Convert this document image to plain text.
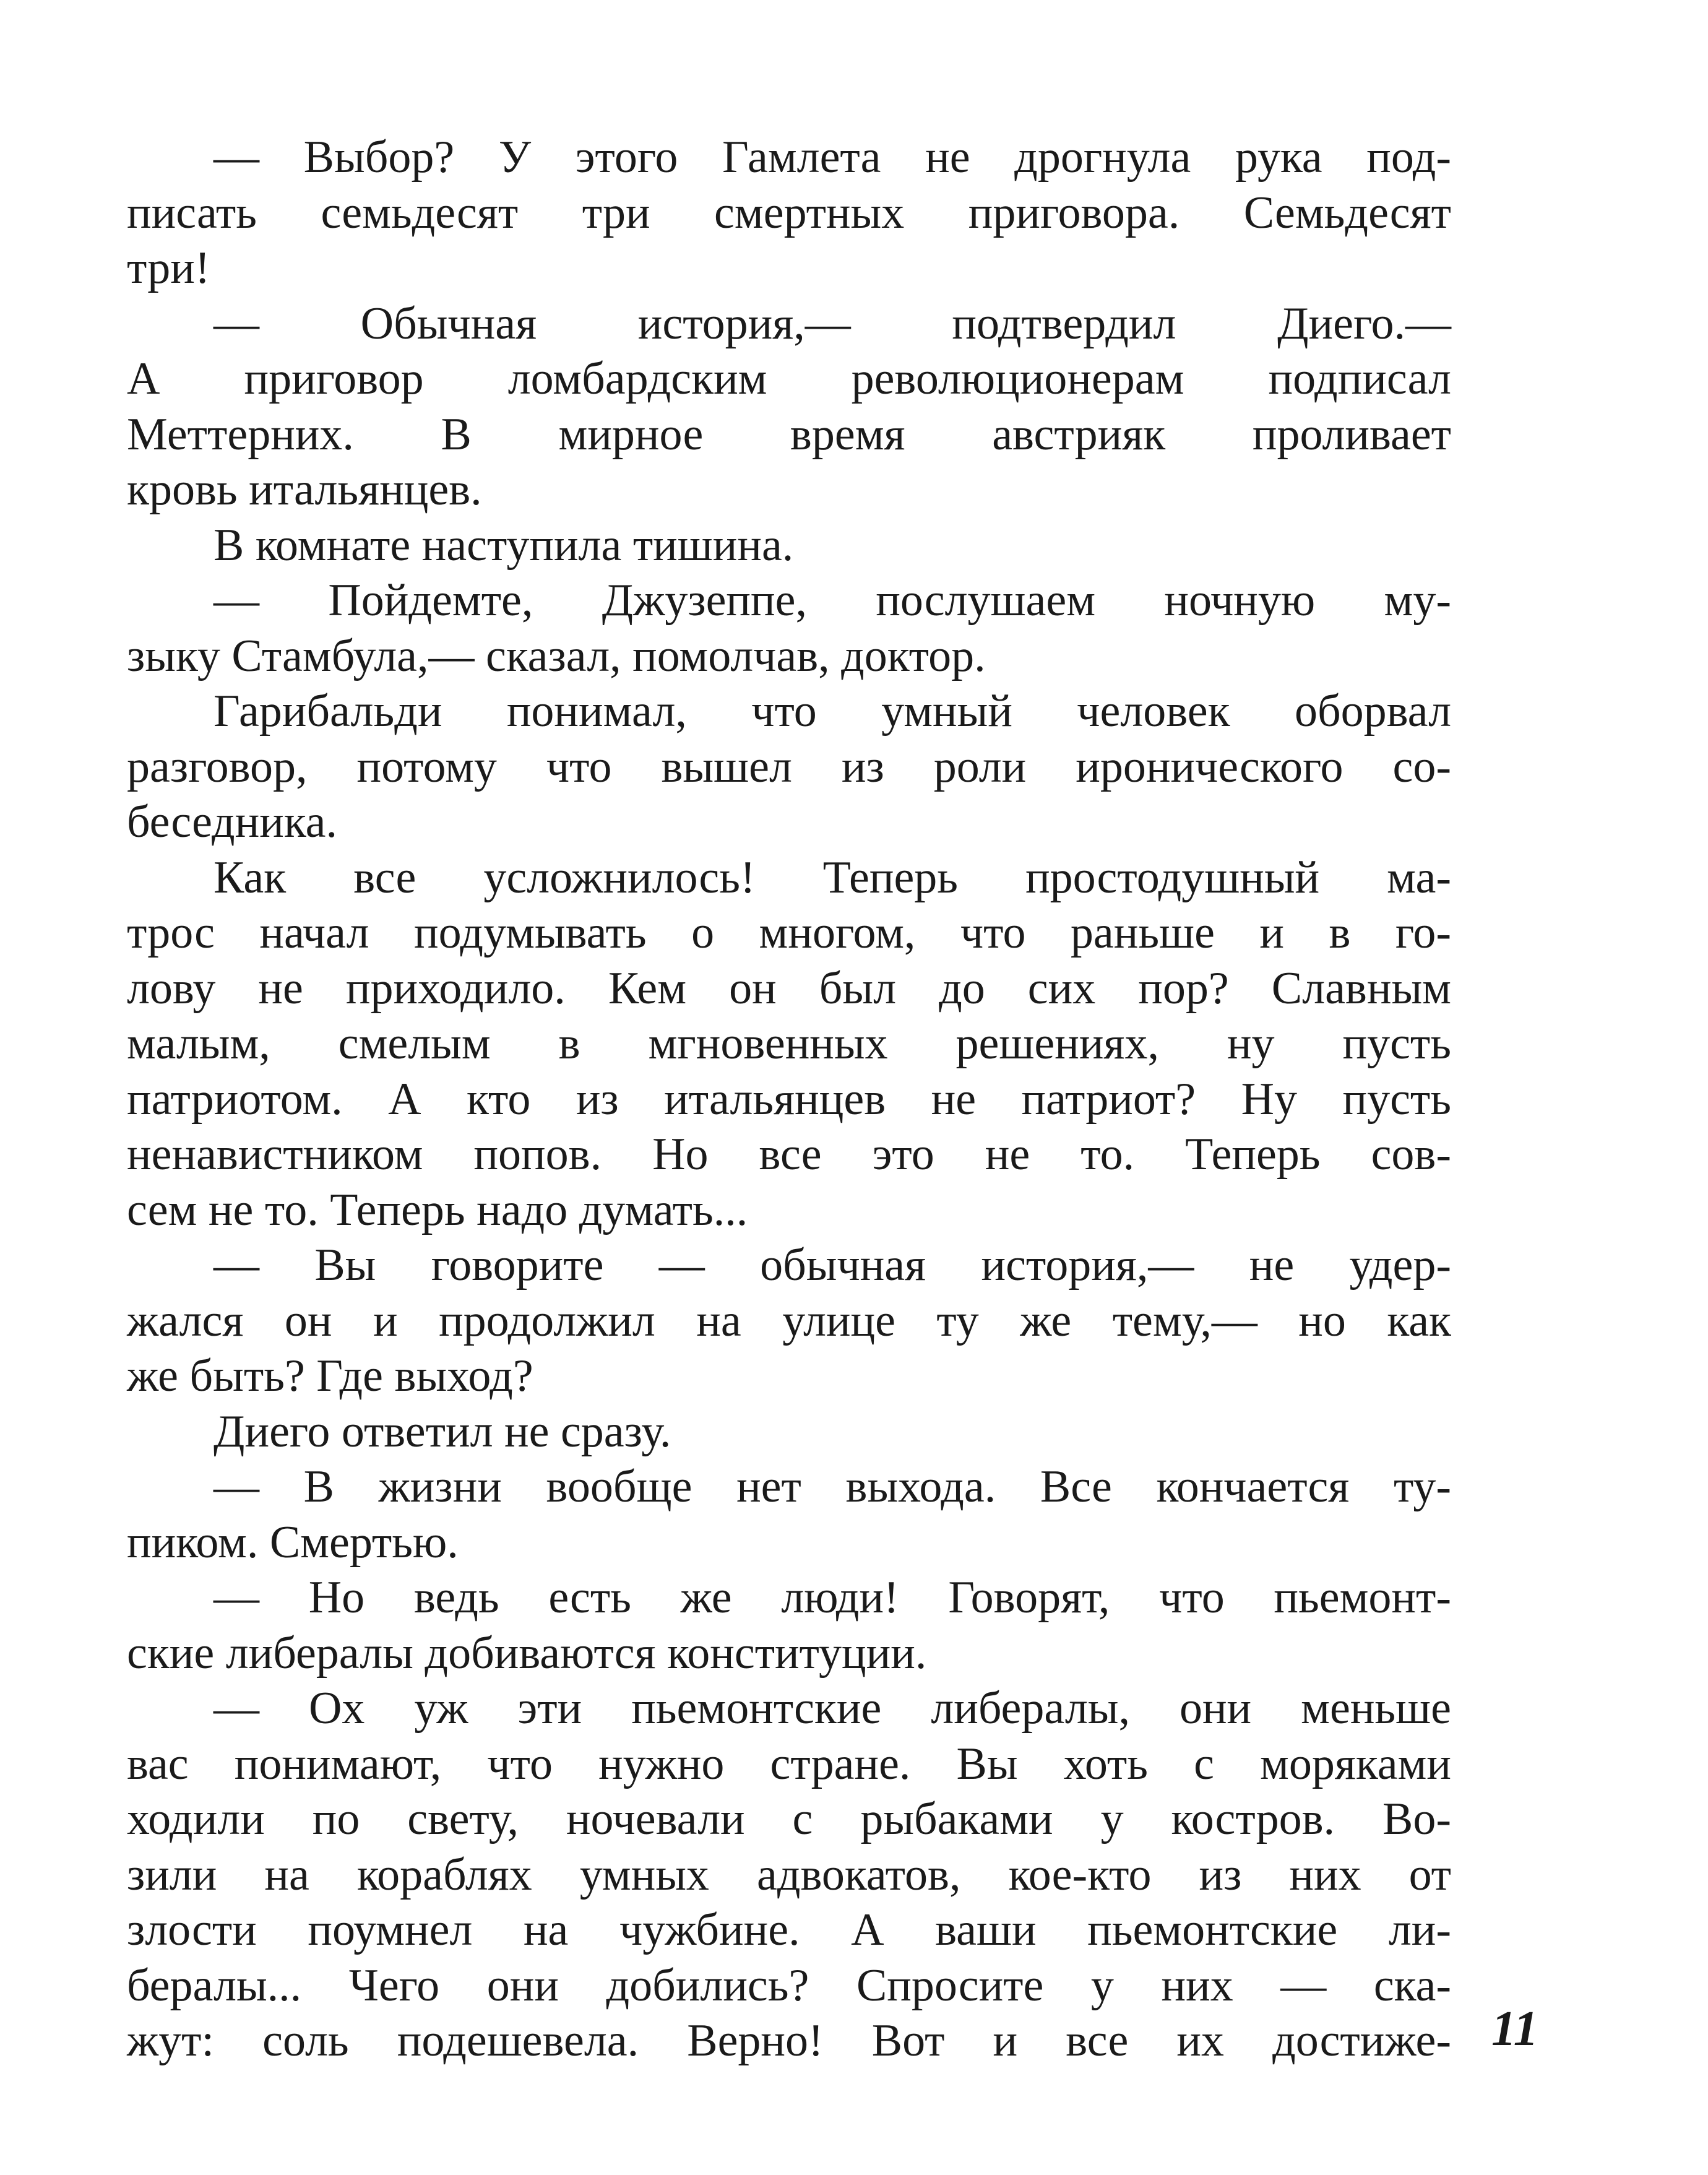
— Выбор? У этого Гамлета не дрогнула рука под-
писать семьдесят три смертных приговора. Семьдесят
три!
— Обычная история,— подтвердил Диего.—
А приговор ломбардским революционерам подписал
Меттерних. В мирное время австрияк проливает
кровь итальянцев.
В комнате наступила тишина.
— Пойдемте, Джузеппе, послушаем ночную му-
зыку Стамбула,— сказал, помолчав, доктор.
Гарибальди понимал, что умный человек оборвал
разговор, потому что вышел из роли иронического со-
беседника.
Как все усложнилось! Теперь простодушный ма-
трос начал подумывать о многом, что раньше и в го-
лову не приходило. Кем он был до сих пор? Славным
малым, смелым в мгновенных решениях, ну пусть
патриотом. А кто из итальянцев не патриот? Ну пусть
ненавистником попов. Но все это не то. Теперь сов-
сем не то. Теперь надо думать...
— Вы говорите — обычная история,— не удер-
жался он и продолжил на улице ту же тему,— но как
же быть? Где выход?
Диего ответил не сразу.
— В жизни вообще нет выхода. Все кончается ту-
пиком. Смертью.
— Но ведь есть же люди! Говорят, что пьемонт-
ские либералы добиваются конституции.
— Ох уж эти пьемонтские либералы, они меньше
вас понимают, что нужно стране. Вы хоть с моряками
ходили по свету, ночевали с рыбаками у костров. Во-
зили на кораблях умных адвокатов, кое-кто из них от
злости поумнел на чужбине. А ваши пьемонтские ли-
бералы... Чего они добились? Спросите у них — ска-
жут: соль подешевела. Верно! Вот и все их достиже- 11
